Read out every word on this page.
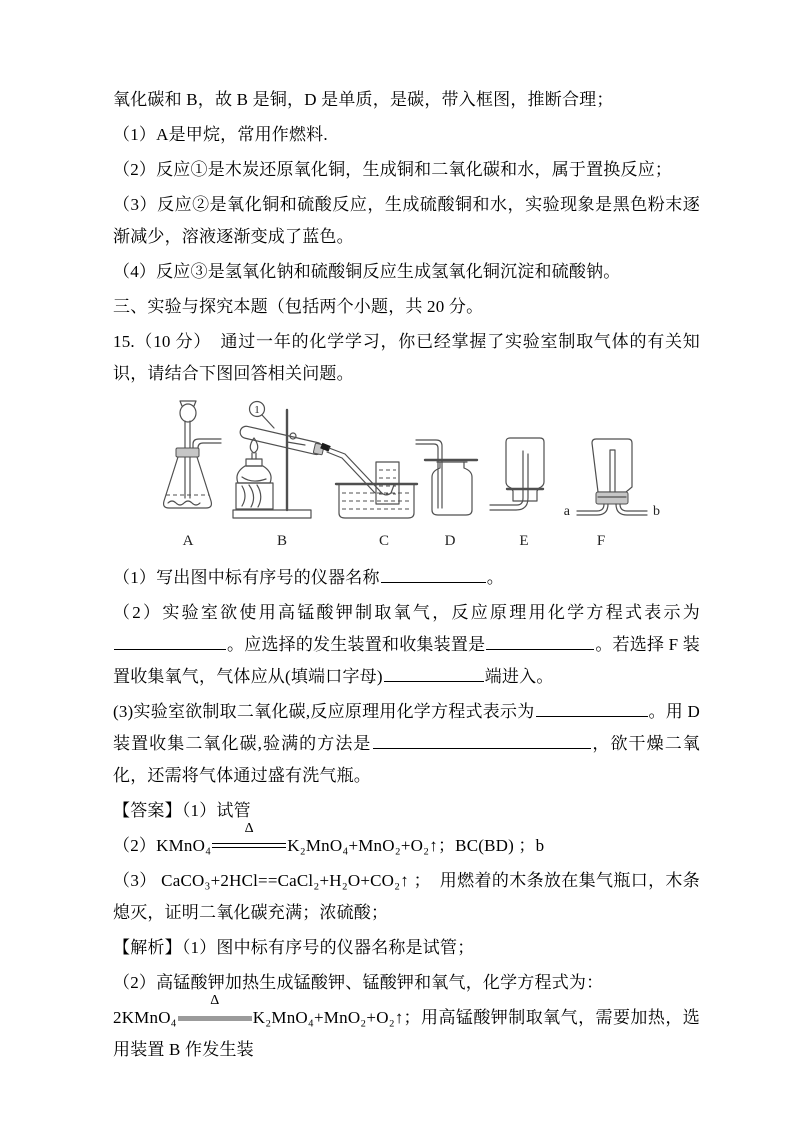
氧化碳和 B，故 B 是铜，D 是单质，是碳，带入框图，推断合理；

（1）A是甲烷，常用作燃料.

（2）反应①是木炭还原氧化铜，生成铜和二氧化碳和水，属于置换反应；

（3）反应②是氧化铜和硫酸反应，生成硫酸铜和水，实验现象是黑色粉末逐渐减少，溶液逐渐变成了蓝色。

（4）反应③是氢氧化钠和硫酸铜反应生成氢氧化铜沉淀和硫酸钠。

三、实验与探究本题（包括两个小题，共 20 分。

15.（10 分）　通过一年的化学学习，你已经掌握了实验室制取气体的有关知识，请结合下图回答相关问题。

1
a	b
A	B	C	D	E	F

（1）写出图中标有序号的仪器名称	。

（2）实验室欲使用高锰酸钾制取氧气，反应原理用化学方程式表示为。应选择的发生装置和收集装置是	。若选择 F 装置收集氧气，气体应从(填端口字母)	端进入。

(3)实验室欲制取二氧化碳,反应原理用化学方程式表示为	。用 D 装置收集二氧化碳,验满的方法是	，欲干燥二氧化，还需将气体通过盛有洗气瓶。

【答案】（1）试管

（2）KMnO₄
Δ
K₂MnO₄+MnO₂+O₂↑；BC(BD) ；b

（3） CaCO₃+2HCl==CaCl₂+H₂O+CO₂↑ ；　用燃着的木条放在集气瓶口，木条熄灭，证明二氧化碳充满；浓硫酸；

【解析】（1）图中标有序号的仪器名称是试管；

（2）高锰酸钾加热生成锰酸钾、锰酸钾和氧气，化学方程式为：

2KMnO₄
Δ
K₂MnO₄+MnO₂+O₂↑；用高锰酸钾制取氧气，需要加热，选用装置 B 作发生装
